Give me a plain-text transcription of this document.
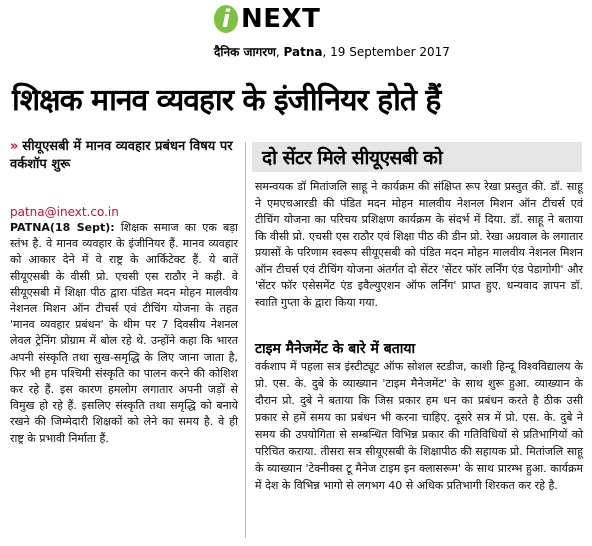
i NEXT
दैनिक जागरण, Patna, 19 September 2017
शिक्षक मानव व्यवहार के इंजीनियर होते हैं
» सीयूएसबी में मानव व्यवहार प्रबंधन विषय पर वर्कशॉप शुरू
patna@inext.co.in
PATNA(18 Sept): शिक्षक समाज का एक बड़ा स्तंभ है. वे मानव व्यवहार के इंजीनियर हैं. मानव व्यवहार को आकार देने में वे राष्ट्र के आर्किटेक्ट हैं. ये बातें सीयूएसबी के वीसी प्रो. एचसी एस राठौर ने कही. वे सीयूएसबी में शिक्षा पीठ द्वारा पंडित मदन मोहन मालवीय नेशनल मिशन ऑन टीचर्स एवं टीचिंग योजना के तहत 'मानव व्यवहार प्रबंधन' के थीम पर 7 दिवसीय नेशनल लेवल ट्रेनिंग प्रोग्राम में बोल रहे थे. उन्होंने कहा कि भारत अपनी संस्कृति तथा सुख-समृद्धि के लिए जाना जाता है, फिर भी हम पश्चिमी संस्कृति का पालन करने की कोशिश कर रहे हैं. इस कारण हमलोग लगातार अपनी जड़ों से विमुख हो रहे हैं. इसलिए संस्कृति तथा समृद्धि को बनाये रखने की जिम्मेदारी शिक्षकों को लेने का समय है. वे ही राष्ट्र के प्रभावी निर्माता हैं.
दो सेंटर मिले सीयूएसबी को
समन्वयक डॉ मितांजलि साहू ने कार्यक्रम की संक्षिप्त रूप रेखा प्रस्तुत की. डॉ. साहू ने एमएचआरडी की पंडित मदन मोहन मालवीय नेशनल मिशन ऑन टीचर्स एवं टीचिंग योजना का परिचय प्रशिक्षण कार्यक्रम के संदर्भ में दिया. डॉ. साहू ने बताया कि वीसी प्रो. एचसी एस राठौर एवं शिक्षा पीठ की डीन प्रो. रेखा अग्रवाल के लगातार प्रयासों के परिणाम स्वरूप सीयूएसबी को पंडित मदन मोहन मालवीय नेशनल मिशन ऑन टीचर्स एवं टीचिंग योजना अंतर्गत दो सेंटर 'सेंटर फॉर लर्निंग एंड पेडागोगी' और 'सेंटर फॉर एसेसमेंट एंड इवैल्युएशन ऑफ लर्निंग' प्राप्त हुए. धन्यवाद ज्ञापन डॉ. स्वाति गुप्ता के द्वारा किया गया.
टाइम मैनेजमेंट के बारे में बताया
वर्कशाप में पहला सत्र इंस्टीट्यूट ऑफ सोशल स्टडीज, काशी हिन्दू विश्वविद्यालय के प्रो. एस. के. दुबे के व्याख्यान 'टाइम मैनेजमेंट' के साथ शुरू हुआ. व्याख्यान के दौरान प्रो. दुबे ने बताया कि जिस प्रकार हम धन का प्रबंधन करते है ठीक उसी प्रकार से हमें समय का प्रबंधन भी करना चाहिए. दूसरे सत्र में प्रो. एस. के. दुबे ने समय की उपयोगिता से सम्बन्धित विभिन्न प्रकार की गतिविधियों से प्रतिभागियों को परिचित कराया. तीसरा सत्र सीयूएसबी के शिक्षापीठ की सहायक प्रो. मितांजलि साहू के व्याख्यान 'टेक्नीक्स टू मैनेज टाइम इन क्लासरूम' के साथ प्रारम्भ हुआ. कार्यक्रम में देश के विभिन्न भागो से लगभग 40 से अधिक प्रतिभागी शिरकत कर रहे है.
